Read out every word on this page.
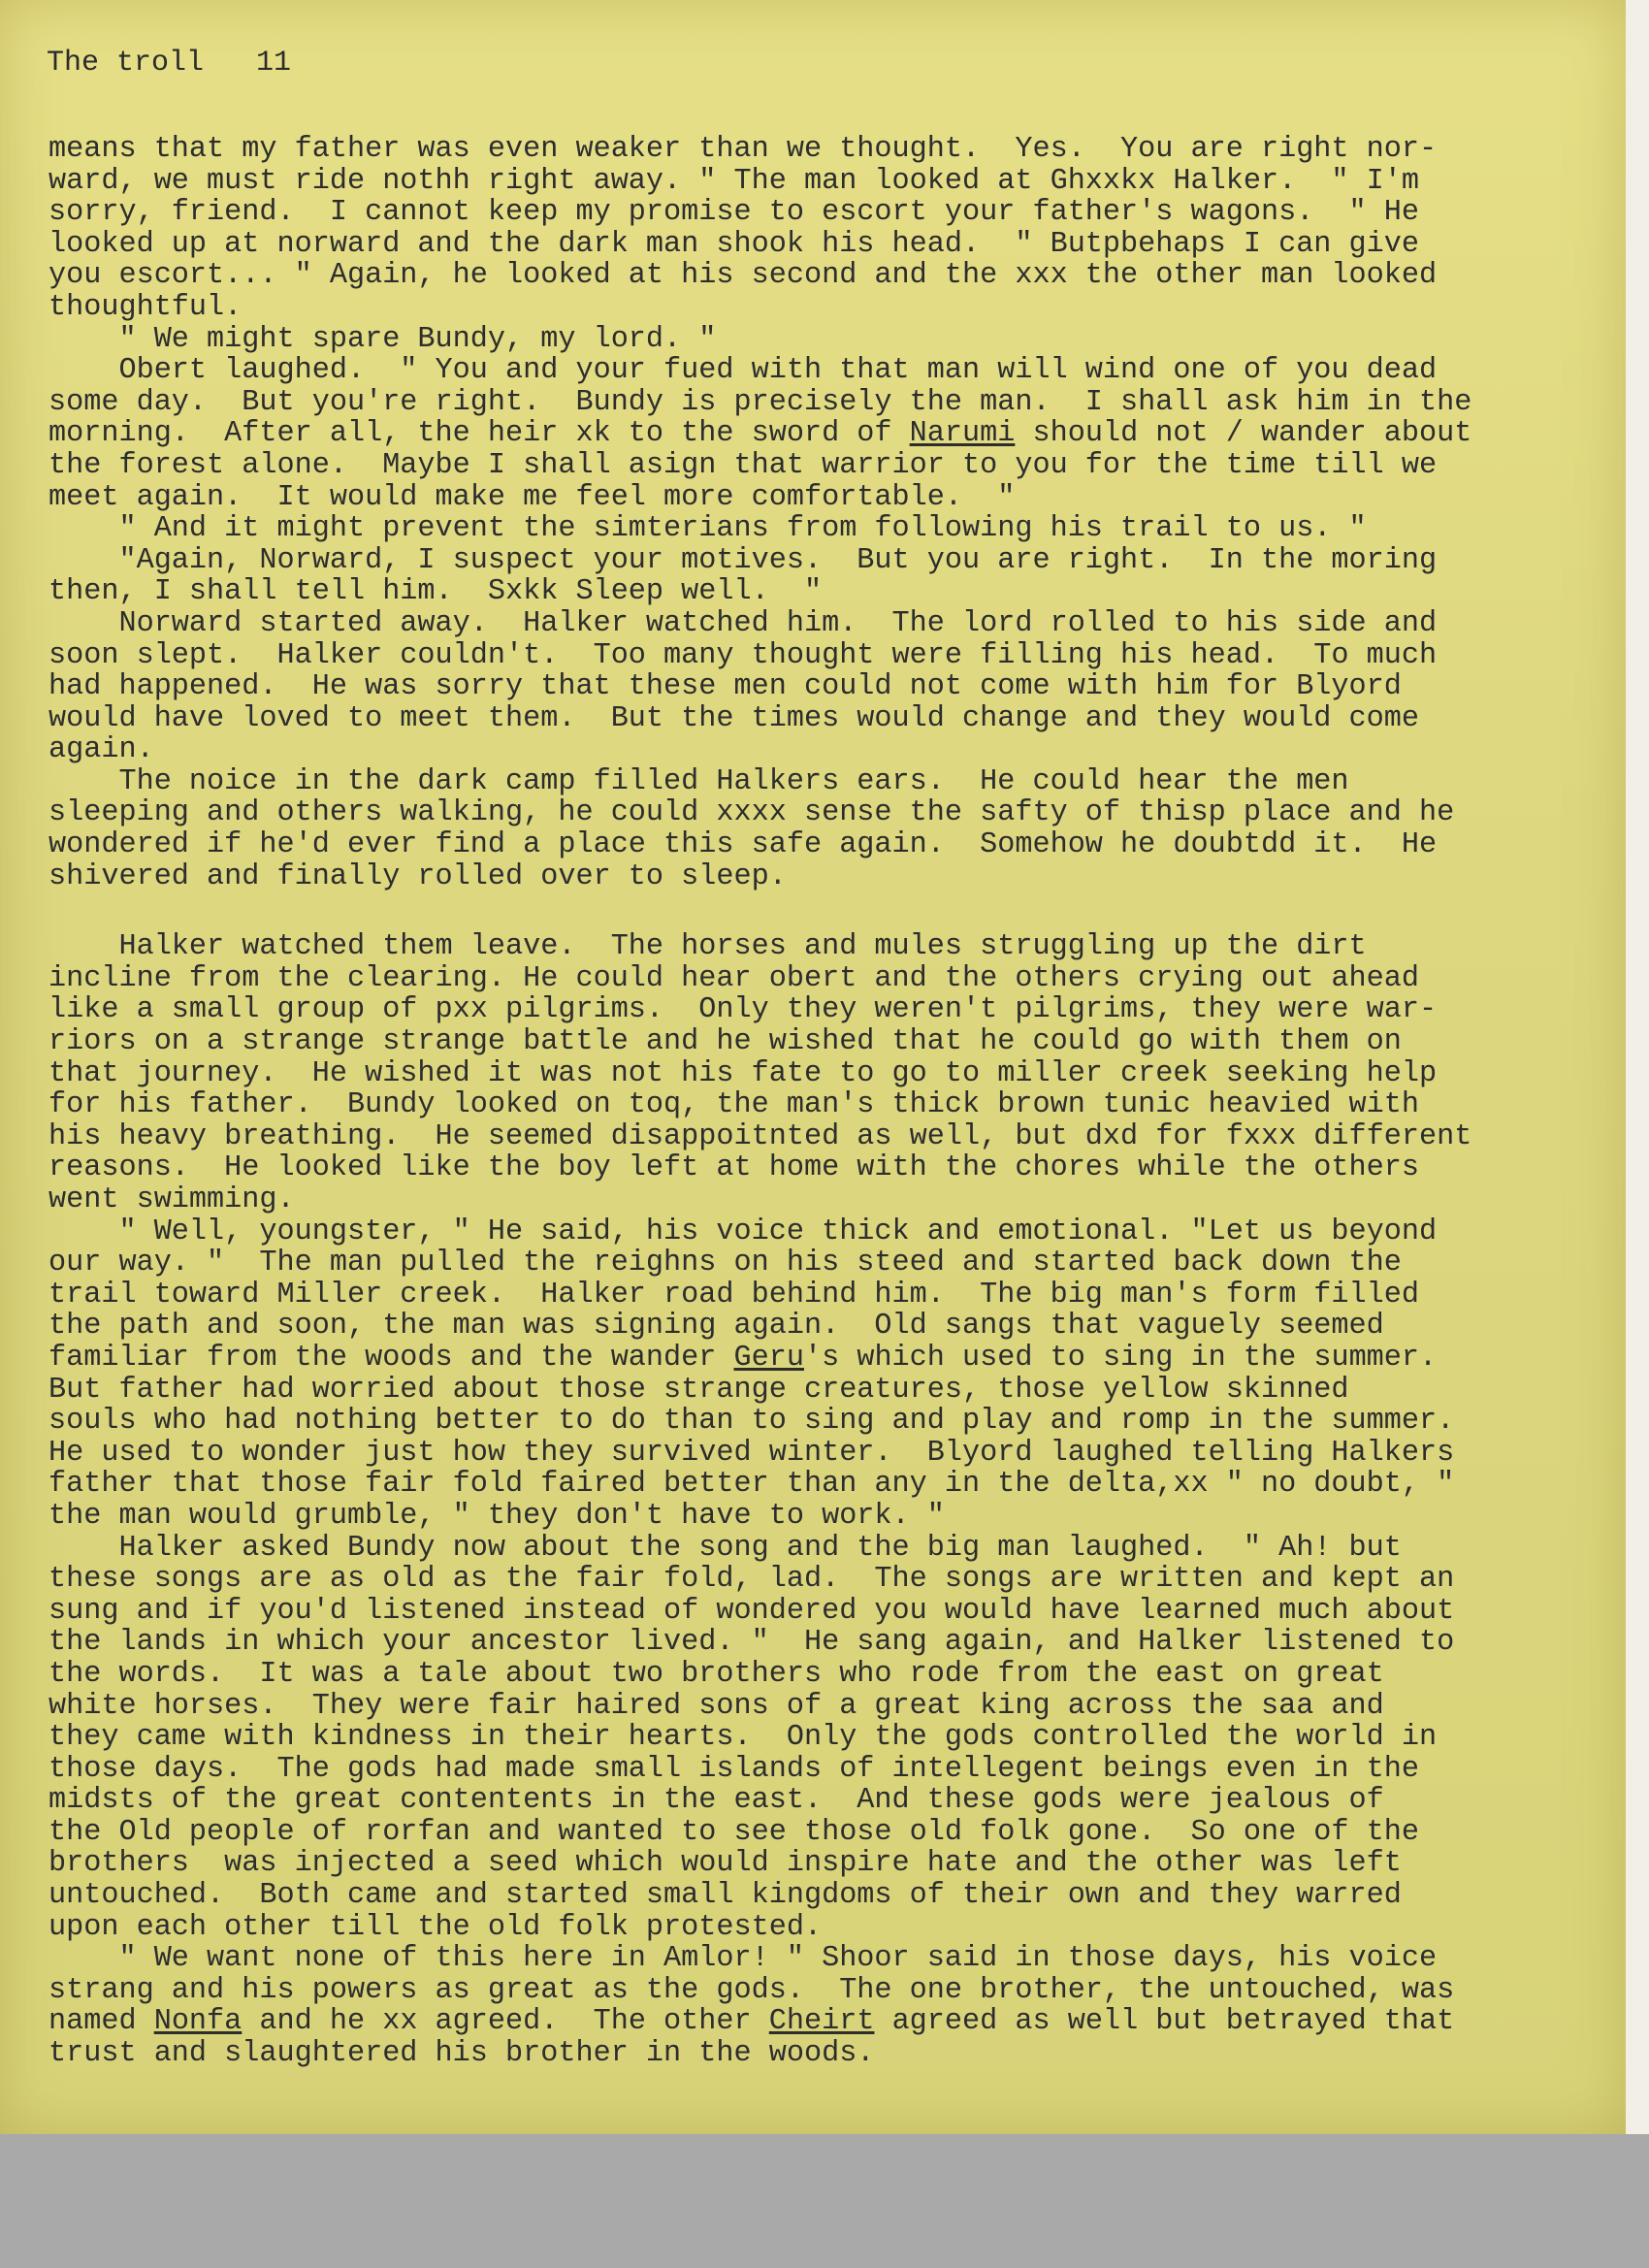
The troll   11
means that my father was even weaker than we thought.  Yes.  You are right nor-
ward, we must ride nothh right away. " The man looked at Ghxxkx Halker.  " I'm
sorry, friend.  I cannot keep my promise to escort your father's wagons.  " He
looked up at norward and the dark man shook his head.  " Butpbehaps I can give
you escort... " Again, he looked at his second and the xxx the other man looked
thoughtful.
" We might spare Bundy, my lord. "
Obert laughed.  " You and your fued with that man will wind one of you dead
some day.  But you're right.  Bundy is precisely the man.  I shall ask him in the
morning.  After all, the heir xk to the sword of Narumi should not / wander about
the forest alone.  Maybe I shall asign that warrior to you for the time till we
meet again.  It would make me feel more comfortable.  "
" And it might prevent the simterians from following his trail to us. "
"Again, Norward, I suspect your motives.  But you are right.  In the moring
then, I shall tell him.  Sxkk Sleep well.  "
Norward started away.  Halker watched him.  The lord rolled to his side and
soon slept.  Halker couldn't.  Too many thought were filling his head.  To much
had happened.  He was sorry that these men could not come with him for Blyord
would have loved to meet them.  But the times would change and they would come
again.
The noice in the dark camp filled Halkers ears.  He could hear the men
sleeping and others walking, he could xxxx sense the safty of thisp place and he
wondered if he'd ever find a place this safe again.  Somehow he doubtdd it.  He
shivered and finally rolled over to sleep.
Halker watched them leave.  The horses and mules struggling up the dirt
incline from the clearing. He could hear obert and the others crying out ahead
like a small group of pxx pilgrims.  Only they weren't pilgrims, they were war-
riors on a strange strange battle and he wished that he could go with them on
that journey.  He wished it was not his fate to go to miller creek seeking help
for his father.  Bundy looked on toq, the man's thick brown tunic heavied with
his heavy breathing.  He seemed disappoitnted as well, but dxd for fxxx different
reasons.  He looked like the boy left at home with the chores while the others
went swimming.
" Well, youngster, " He said, his voice thick and emotional. "Let us beyond
our way. "  The man pulled the reighns on his steed and started back down the
trail toward Miller creek.  Halker road behind him.  The big man's form filled
the path and soon, the man was signing again.  Old sangs that vaguely seemed
familiar from the woods and the wander Geru's which used to sing in the summer.
But father had worried about those strange creatures, those yellow skinned
souls who had nothing better to do than to sing and play and romp in the summer.
He used to wonder just how they survived winter.  Blyord laughed telling Halkers
father that those fair fold faired better than any in the delta,xx " no doubt, "
the man would grumble, " they don't have to work. "
Halker asked Bundy now about the song and the big man laughed.  " Ah! but
these songs are as old as the fair fold, lad.  The songs are written and kept an
sung and if you'd listened instead of wondered you would have learned much about
the lands in which your ancestor lived. "  He sang again, and Halker listened to
the words.  It was a tale about two brothers who rode from the east on great
white horses.  They were fair haired sons of a great king across the saa and
they came with kindness in their hearts.  Only the gods controlled the world in
those days.  The gods had made small islands of intellegent beings even in the
midsts of the great contentents in the east.  And these gods were jealous of
the Old people of rorfan and wanted to see those old folk gone.  So one of the
brothers  was injected a seed which would inspire hate and the other was left
untouched.  Both came and started small kingdoms of their own and they warred
upon each other till the old folk protested.
" We want none of this here in Amlor! " Shoor said in those days, his voice
strang and his powers as great as the gods.  The one brother, the untouched, was
named Nonfa and he xx agreed.  The other Cheirt agreed as well but betrayed that
trust and slaughtered his brother in the woods.
